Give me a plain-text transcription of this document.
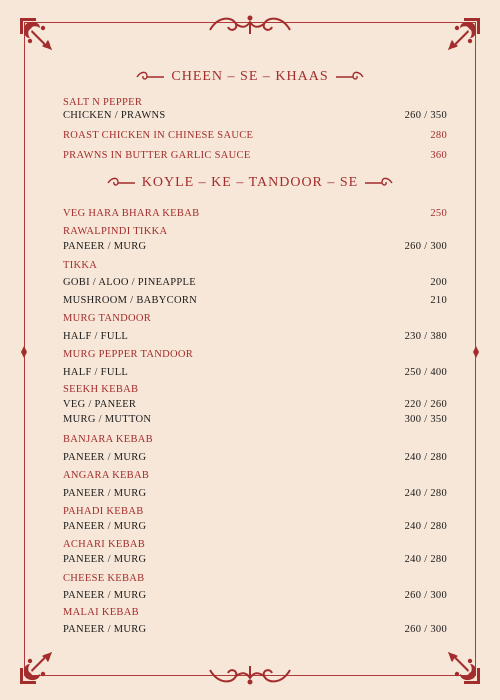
CHEEN – SE – KHAAS
SALT N PEPPER
CHICKEN / PRAWNS	260 / 350
ROAST CHICKEN IN CHINESE SAUCE	280
PRAWNS IN BUTTER GARLIC SAUCE	360
KOYLE – KE – TANDOOR – SE
VEG HARA BHARA KEBAB	250
RAWALPINDI TIKKA
PANEER / MURG	260 / 300
TIKKA
GOBI / ALOO / PINEAPPLE	200
MUSHROOM / BABYCORN	210
MURG TANDOOR
HALF / FULL	230 / 380
MURG PEPPER TANDOOR
HALF / FULL	250 / 400
SEEKH KEBAB
VEG / PANEER	220 / 260
MURG / MUTTON	300 / 350
BANJARA KEBAB
PANEER / MURG	240 / 280
ANGARA KEBAB
PANEER / MURG	240 / 280
PAHADI KEBAB
PANEER / MURG	240 / 280
ACHARI KEBAB
PANEER / MURG	240 / 280
CHEESE KEBAB
PANEER / MURG	260 / 300
MALAI KEBAB
PANEER / MURG	260 / 300
